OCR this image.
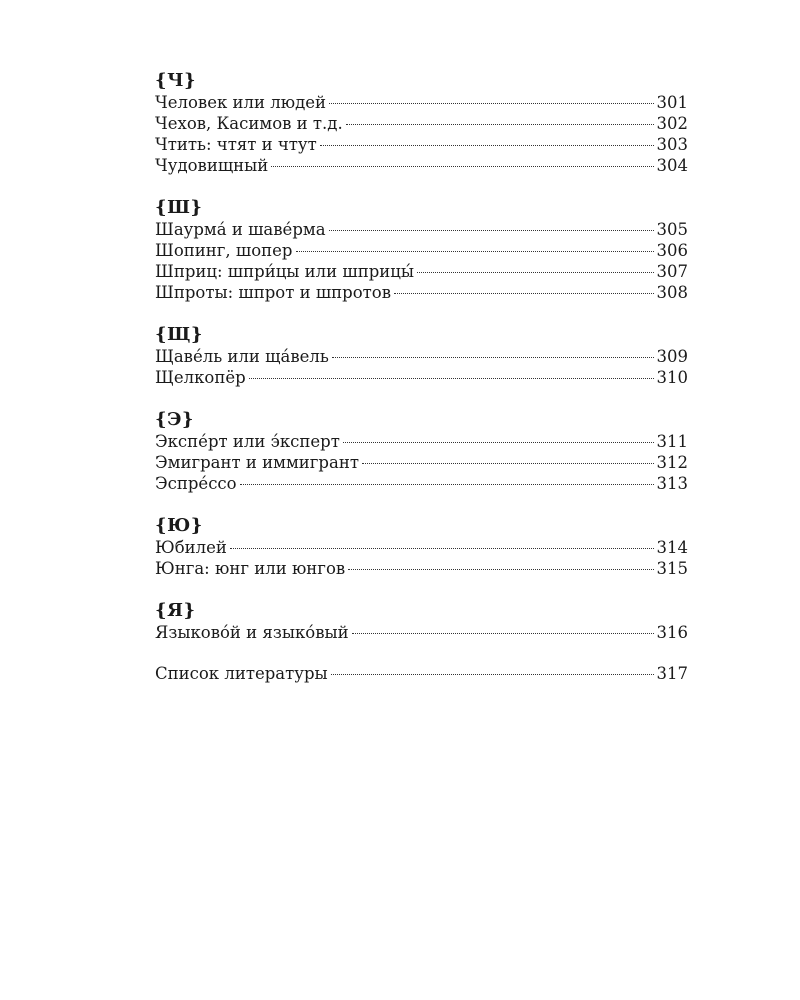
{Ч}
Человек или людей	301
Чехов, Касимов и т.д.	302
Чтить: чтят и чтут	303
Чудовищный	304
{Ш}
Шаурма́ и шаве́рма	305
Шопинг, шопер	306
Шприц: шпри́цы или шприцы́	307
Шпроты: шпрот и шпротов	308
{Щ}
Щаве́ль или ща́вель	309
Щелкопёр	310
{Э}
Экспе́рт или э́ксперт	311
Эмигрант и иммигрант	312
Эспре́ссо	313
{Ю}
Юбилей	314
Юнга: юнг или юнгов	315
{Я}
Языково́й и языко́вый	316
Список литературы	317
